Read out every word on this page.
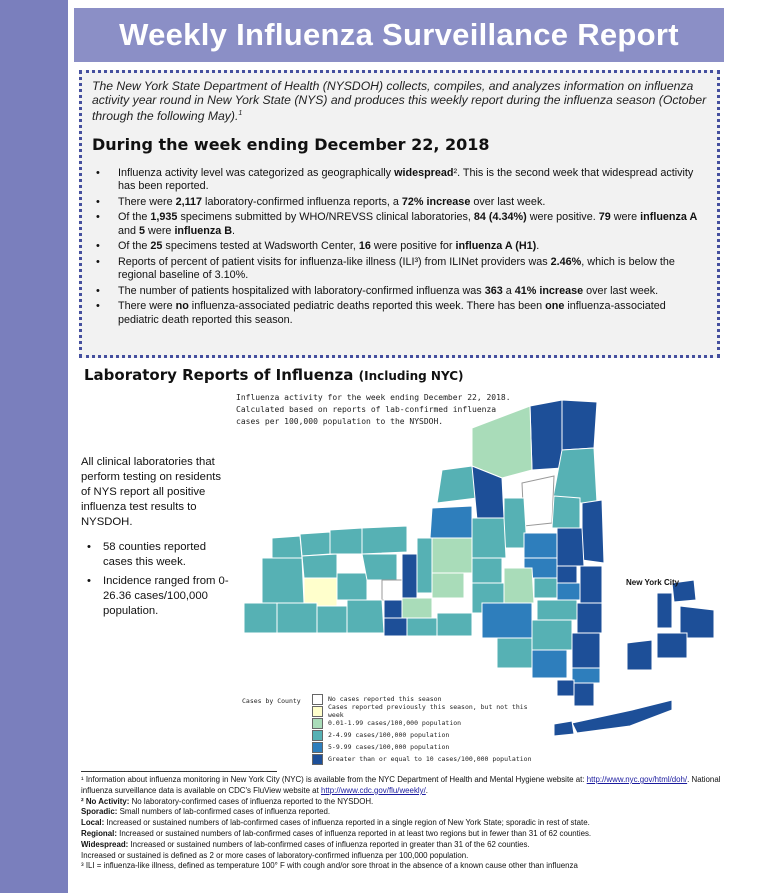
Weekly Influenza Surveillance Report
The New York State Department of Health (NYSDOH) collects, compiles, and analyzes information on influenza activity year round in New York State (NYS) and produces this weekly report during the influenza season (October through the following May).$^1$
During the week ending December 22, 2018
• Influenza activity level was categorized as geographically widespread². This is the second week that widespread activity has been reported.
• There were 2,117 laboratory-confirmed influenza reports, a 72% increase over last week.
• Of the 1,935 specimens submitted by WHO/NREVSS clinical laboratories, 84 (4.34%) were positive. 79 were influenza A and 5 were influenza B.
• Of the 25 specimens tested at Wadsworth Center, 16 were positive for influenza A (H1).
• Reports of percent of patient visits for influenza-like illness (ILI³) from ILINet providers was 2.46%, which is below the regional baseline of 3.10%.
• The number of patients hospitalized with laboratory-confirmed influenza was 363 a 41% increase over last week.
• There were no influenza-associated pediatric deaths reported this week. There has been one influenza-associated pediatric death reported this season.
Laboratory Reports of Influenza (Including NYC)

All clinical laboratories that perform testing on residents of NYS report all positive influenza test results to NYSDOH.

• 58 counties reported cases this week.
• Incidence ranged from 0-26.36 cases/100,000 population.
Influenza activity for the week ending December 22, 2018.
Calculated based on reports of lab-confirmed influenza
cases per 100,000 population to the NYSDOH.
New York City
Cases by County	No cases reported this season
Cases reported previously this season, but not this week
0.01-1.99 cases/100,000 population
2-4.99 cases/100,000 population
5-9.99 cases/100,000 population
Greater than or equal to 10 cases/100,000 population

¹ Information about influenza monitoring in New York City (NYC) is available from the NYC Department of Health and Mental Hygiene website at: http://www.nyc.gov/html/doh/. National influenza surveillance data is available on CDC's FluView website at http://www.cdc.gov/flu/weekly/.

² No Activity: No laboratory-confirmed cases of influenza reported to the NYSDOH.

Sporadic: Small numbers of lab-confirmed cases of influenza reported.

Local: Increased or sustained numbers of lab-confirmed cases of influenza reported in a single region of New York State; sporadic in rest of state.

Regional: Increased or sustained numbers of lab-confirmed cases of influenza reported in at least two regions but in fewer than 31 of 62 counties.

Widespread: Increased or sustained numbers of lab-confirmed cases of influenza reported in greater than 31 of the 62 counties.

Increased or sustained is defined as 2 or more cases of laboratory-confirmed influenza per 100,000 population.

³ ILI = influenza-like illness, defined as temperature 100° F with cough and/or sore throat in the absence of a known cause other than influenza
